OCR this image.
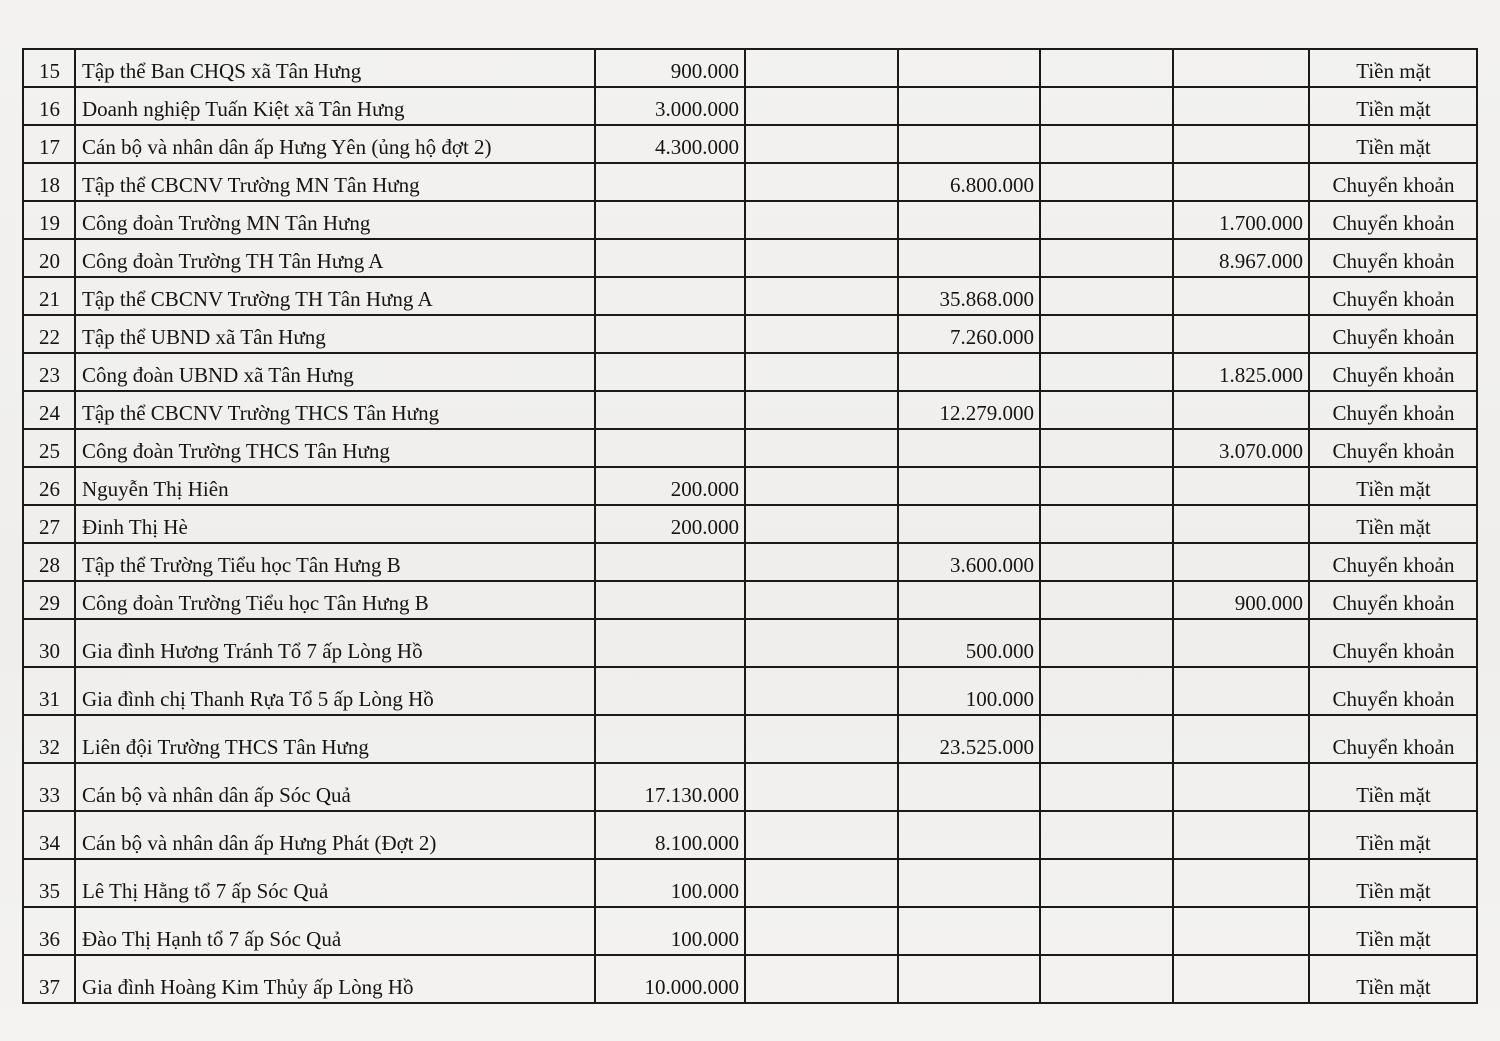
15	Tập thể Ban CHQS xã Tân Hưng	900.000					Tiền mặt
16	Doanh nghiệp Tuấn Kiệt xã Tân Hưng	3.000.000					Tiền mặt
17	Cán bộ và nhân dân ấp Hưng Yên (ủng hộ đợt 2)	4.300.000					Tiền mặt
18	Tập thể CBCNV Trường MN Tân Hưng			6.800.000			Chuyển khoản
19	Công đoàn Trường MN Tân Hưng					1.700.000	Chuyển khoản
20	Công đoàn Trường TH Tân Hưng A					8.967.000	Chuyển khoản
21	Tập thể CBCNV Trường TH Tân Hưng A			35.868.000			Chuyển khoản
22	Tập thể UBND xã Tân Hưng			7.260.000			Chuyển khoản
23	Công đoàn UBND xã Tân Hưng					1.825.000	Chuyển khoản
24	Tập thể CBCNV Trường THCS Tân Hưng			12.279.000			Chuyển khoản
25	Công đoàn Trường THCS Tân Hưng					3.070.000	Chuyển khoản
26	Nguyễn Thị Hiên	200.000					Tiền mặt
27	Đinh Thị Hè	200.000					Tiền mặt
28	Tập thể Trường Tiểu học Tân Hưng B			3.600.000			Chuyển khoản
29	Công đoàn Trường Tiểu học Tân Hưng B					900.000	Chuyển khoản
30	Gia đình Hương Tránh Tổ 7 ấp Lòng Hồ			500.000			Chuyển khoản
31	Gia đình chị Thanh Rựa Tổ 5 ấp Lòng Hồ			100.000			Chuyển khoản
32	Liên đội Trường THCS Tân Hưng			23.525.000			Chuyển khoản
33	Cán bộ và nhân dân ấp Sóc Quả	17.130.000					Tiền mặt
34	Cán bộ và nhân dân ấp Hưng Phát (Đợt 2)	8.100.000					Tiền mặt
35	Lê Thị Hằng tổ 7 ấp Sóc Quả	100.000					Tiền mặt
36	Đào Thị Hạnh tổ 7 ấp Sóc Quả	100.000					Tiền mặt
37	Gia đình Hoàng Kim Thủy ấp Lòng Hồ	10.000.000					Tiền mặt
